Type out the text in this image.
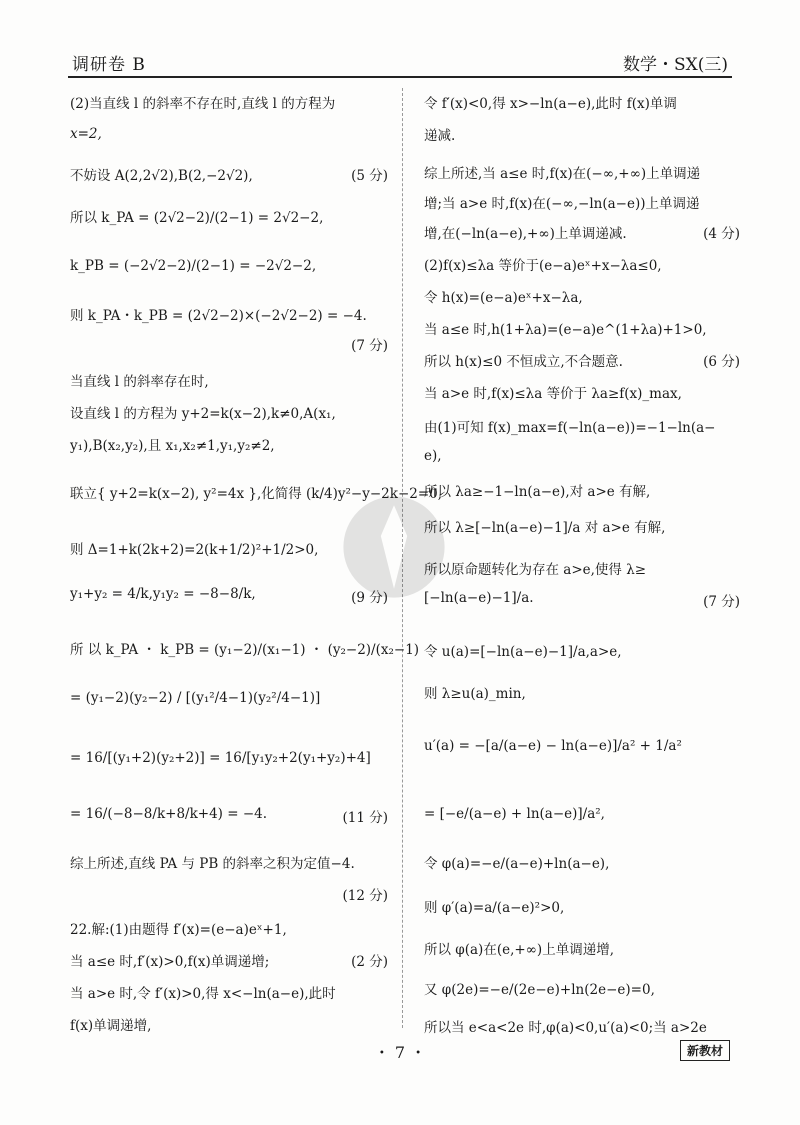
调研卷 B	数学・SX(三)
(2)当直线 l 的斜率不存在时,直线 l 的方程为
x=2,
不妨设 A(2,2√2),B(2,−2√2),	(5 分)
所以 k_PA = (2√2−2)/(2−1) = 2√2−2,
k_PB = (−2√2−2)/(2−1) = −2√2−2,
则 k_PA・k_PB = (2√2−2)×(−2√2−2) = −4.
(7 分)
当直线 l 的斜率存在时,
设直线 l 的方程为 y+2=k(x−2),k≠0,A(x₁,
y₁),B(x₂,y₂),且 x₁,x₂≠1,y₁,y₂≠2,
联立{ y+2=k(x−2), y²=4x },化简得 (k/4)y²−y−2k−2=0,
则 Δ=1+k(2k+2)=2(k+1/2)²+1/2>0,
y₁+y₂ = 4/k,y₁y₂ = −8−8/k,	(9 分)
所 以 k_PA ・ k_PB = (y₁−2)/(x₁−1) ・ (y₂−2)/(x₂−1)
= (y₁−2)(y₂−2) / [(y₁²/4−1)(y₂²/4−1)]
= 16/[(y₁+2)(y₂+2)] = 16/[y₁y₂+2(y₁+y₂)+4]
= 16/(−8−8/k+8/k+4) = −4.	(11 分)
综上所述,直线 PA 与 PB 的斜率之积为定值−4.
(12 分)
22.解:(1)由题得 f′(x)=(e−a)eˣ+1,
当 a≤e 时,f′(x)>0,f(x)单调递增;	(2 分)
当 a>e 时,令 f′(x)>0,得 x<−ln(a−e),此时
f(x)单调递增,
令 f′(x)<0,得 x>−ln(a−e),此时 f(x)单调
递减.
综上所述,当 a≤e 时,f(x)在(−∞,+∞)上单调递
增;当 a>e 时,f(x)在(−∞,−ln(a−e))上单调递
增,在(−ln(a−e),+∞)上单调递减.	(4 分)
(2)f(x)≤λa 等价于(e−a)eˣ+x−λa≤0,
令 h(x)=(e−a)eˣ+x−λa,
当 a≤e 时,h(1+λa)=(e−a)e^(1+λa)+1>0,
所以 h(x)≤0 不恒成立,不合题意.	(6 分)
当 a>e 时,f(x)≤λa 等价于 λa≥f(x)_max,
由(1)可知 f(x)_max=f(−ln(a−e))=−1−ln(a−
e),
所以 λa≥−1−ln(a−e),对 a>e 有解,
所以 λ≥[−ln(a−e)−1]/a 对 a>e 有解,
所以原命题转化为存在 a>e,使得 λ≥
[−ln(a−e)−1]/a.	(7 分)
令 u(a)=[−ln(a−e)−1]/a,a>e,
则 λ≥u(a)_min,
u′(a) = −[a/(a−e) − ln(a−e)]/a² + 1/a²
= [−e/(a−e) + ln(a−e)]/a²,
令 φ(a)=−e/(a−e)+ln(a−e),
则 φ′(a)=a/(a−e)²>0,
所以 φ(a)在(e,+∞)上单调递增,
又 φ(2e)=−e/(2e−e)+ln(2e−e)=0,
所以当 e<a<2e 时,φ(a)<0,u′(a)<0;当 a>2e
・ 7 ・	新教材
